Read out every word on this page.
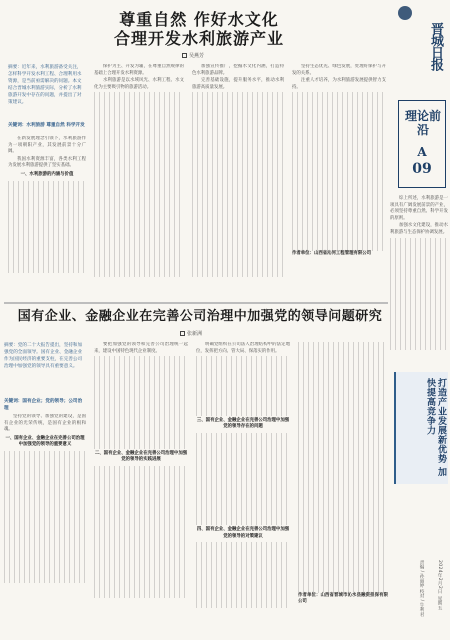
尊重自然 作好水文化
合理开发水利旅游产业
吴燕芳
摘要：近年来，水利旅游备受关注，怎样科学开发水利工程、合理利用水资源，是当前亟需解决的问题。本文结合晋城水利旅游实际，分析了水利旅游开发中存在的问题，并提出了对策建议。
关键词：水利旅游 尊重自然 科学开发

在新发展理念引领下，水利旅游作为一项朝阳产业，其发展前景十分广阔。

我国水利资源丰富，各类水利工程为发展水利旅游提供了坚实基础。

一、水利旅游的内涵与价值

保护为主、开发为辅，在尊重自然规律的基础上合理开发水利资源。

水利旅游是以水域风光、水利工程、水文化为主要吸引物的旅游活动。

加强宣传推广，挖掘水文化内涵，打造特色水利旅游品牌。

完善基础设施，提升服务水平，推动水利旅游高质量发展。

坚持生态优先、绿色发展，处理好保护与开发的关系。

注重人才培养，为水利旅游发展提供智力支持。

作者单位：山西省沁河工程管理有限公司

国有企业、金融企业在完善公司治理中加强党的领导问题研究
张新洲
摘要：党的二十大报告提出，坚持和加强党的全面领导。国有企业、金融企业作为国民经济的重要支柱，在完善公司治理中加强党的领导具有重要意义。
关键词：国有企业；党的领导；公司治理

坚持党的领导、加强党的建设，是国有企业的光荣传统，是国有企业的根和魂。

一、国有企业、金融企业在完善公司治理中加强党的领导的重要意义

要把加强党的领导和完善公司治理统一起来，建设中国特色现代企业制度。

二、国有企业、金融企业在完善公司治理中加强党的领导的实践进展

明确党组织在公司法人治理结构中的法定地位，发挥把方向、管大局、保落实的作用。

三、国有企业、金融企业在完善公司治理中加强党的领导存在的问题
四、国有企业、金融企业在完善公司治理中加强党的领导的对策建议

作者单位：山西省晋城市沁水县融资担保有限公司

晋城日报
理论前沿
A
09

综上所述，水利旅游是一项具有广阔发展前景的产业，必须坚持尊重自然、科学开发的原则。

加强水文化建设，推动水利旅游与生态保护协调发展。

打造产业发展新优势 加快提高竞争力
责编 / 孙丽婷 校对 / 牛利君	2024年2月2日 星期五
